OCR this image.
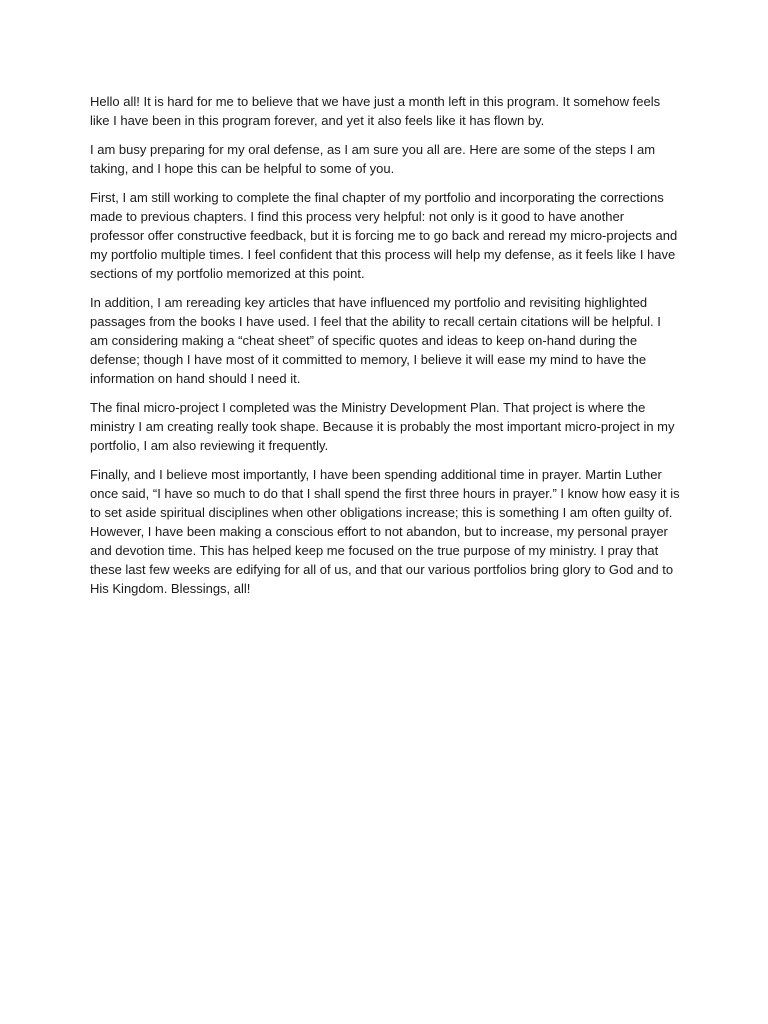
Hello all! It is hard for me to believe that we have just a month left in this program. It somehow feels like I have been in this program forever, and yet it also feels like it has flown by.

I am busy preparing for my oral defense, as I am sure you all are. Here are some of the steps I am taking, and I hope this can be helpful to some of you.

First, I am still working to complete the final chapter of my portfolio and incorporating the corrections made to previous chapters. I find this process very helpful: not only is it good to have another professor offer constructive feedback, but it is forcing me to go back and reread my micro-projects and my portfolio multiple times. I feel confident that this process will help my defense, as it feels like I have sections of my portfolio memorized at this point.

In addition, I am rereading key articles that have influenced my portfolio and revisiting highlighted passages from the books I have used. I feel that the ability to recall certain citations will be helpful. I am considering making a “cheat sheet” of specific quotes and ideas to keep on-hand during the defense; though I have most of it committed to memory, I believe it will ease my mind to have the information on hand should I need it.

The final micro-project I completed was the Ministry Development Plan. That project is where the ministry I am creating really took shape. Because it is probably the most important micro-project in my portfolio, I am also reviewing it frequently.

Finally, and I believe most importantly, I have been spending additional time in prayer. Martin Luther once said, “I have so much to do that I shall spend the first three hours in prayer.” I know how easy it is to set aside spiritual disciplines when other obligations increase; this is something I am often guilty of. However, I have been making a conscious effort to not abandon, but to increase, my personal prayer and devotion time. This has helped keep me focused on the true purpose of my ministry. I pray that these last few weeks are edifying for all of us, and that our various portfolios bring glory to God and to His Kingdom. Blessings, all!
